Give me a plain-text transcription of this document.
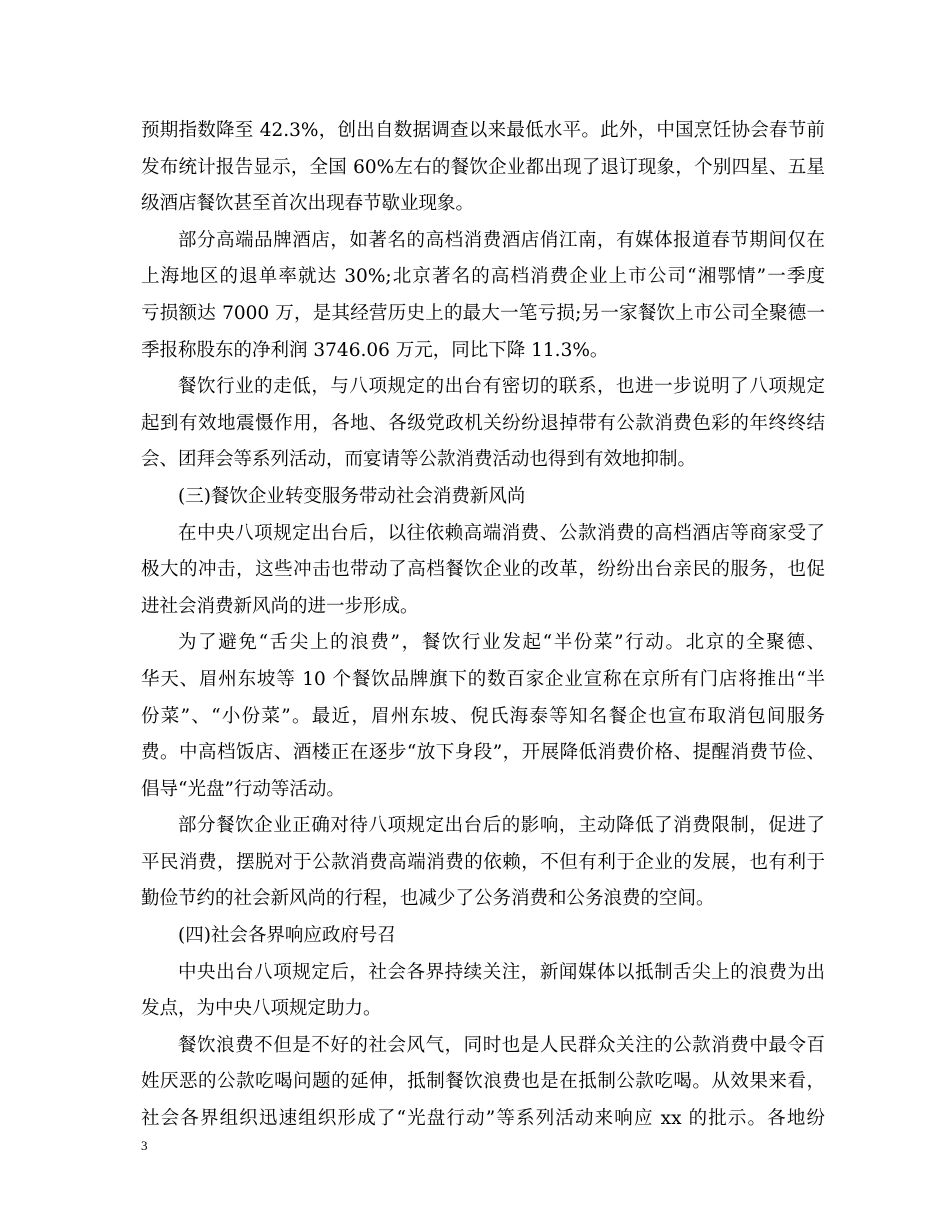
预期指数降至 42.3%，创出自数据调查以来最低水平。此外，中国烹饪协会春节前
发布统计报告显示，全国 60%左右的餐饮企业都出现了退订现象，个别四星、五星
级酒店餐饮甚至首次出现春节歇业现象。
部分高端品牌酒店，如著名的高档消费酒店俏江南，有媒体报道春节期间仅在
上海地区的退单率就达 30%;北京著名的高档消费企业上市公司“湘鄂情”一季度
亏损额达 7000 万，是其经营历史上的最大一笔亏损;另一家餐饮上市公司全聚德一
季报称股东的净利润 3746.06 万元，同比下降 11.3%。
餐饮行业的走低，与八项规定的出台有密切的联系，也进一步说明了八项规定
起到有效地震慑作用，各地、各级党政机关纷纷退掉带有公款消费色彩的年终终结
会、团拜会等系列活动，而宴请等公款消费活动也得到有效地抑制。
(三)餐饮企业转变服务带动社会消费新风尚
在中央八项规定出台后，以往依赖高端消费、公款消费的高档酒店等商家受了
极大的冲击，这些冲击也带动了高档餐饮企业的改革，纷纷出台亲民的服务，也促
进社会消费新风尚的进一步形成。
为了避免“舌尖上的浪费”，餐饮行业发起“半份菜”行动。北京的全聚德、
华天、眉州东坡等 10 个餐饮品牌旗下的数百家企业宣称在京所有门店将推出“半
份菜”、“小份菜”。最近，眉州东坡、倪氏海泰等知名餐企也宣布取消包间服务
费。中高档饭店、酒楼正在逐步“放下身段”，开展降低消费价格、提醒消费节俭、
倡导“光盘”行动等活动。
部分餐饮企业正确对待八项规定出台后的影响，主动降低了消费限制，促进了
平民消费，摆脱对于公款消费高端消费的依赖，不但有利于企业的发展，也有利于
勤俭节约的社会新风尚的行程，也减少了公务消费和公务浪费的空间。
(四)社会各界响应政府号召
中央出台八项规定后，社会各界持续关注，新闻媒体以抵制舌尖上的浪费为出
发点，为中央八项规定助力。
餐饮浪费不但是不好的社会风气，同时也是人民群众关注的公款消费中最令百
姓厌恶的公款吃喝问题的延伸，抵制餐饮浪费也是在抵制公款吃喝。从效果来看，
社会各界组织迅速组织形成了“光盘行动”等系列活动来响应 xx 的批示。各地纷
3
